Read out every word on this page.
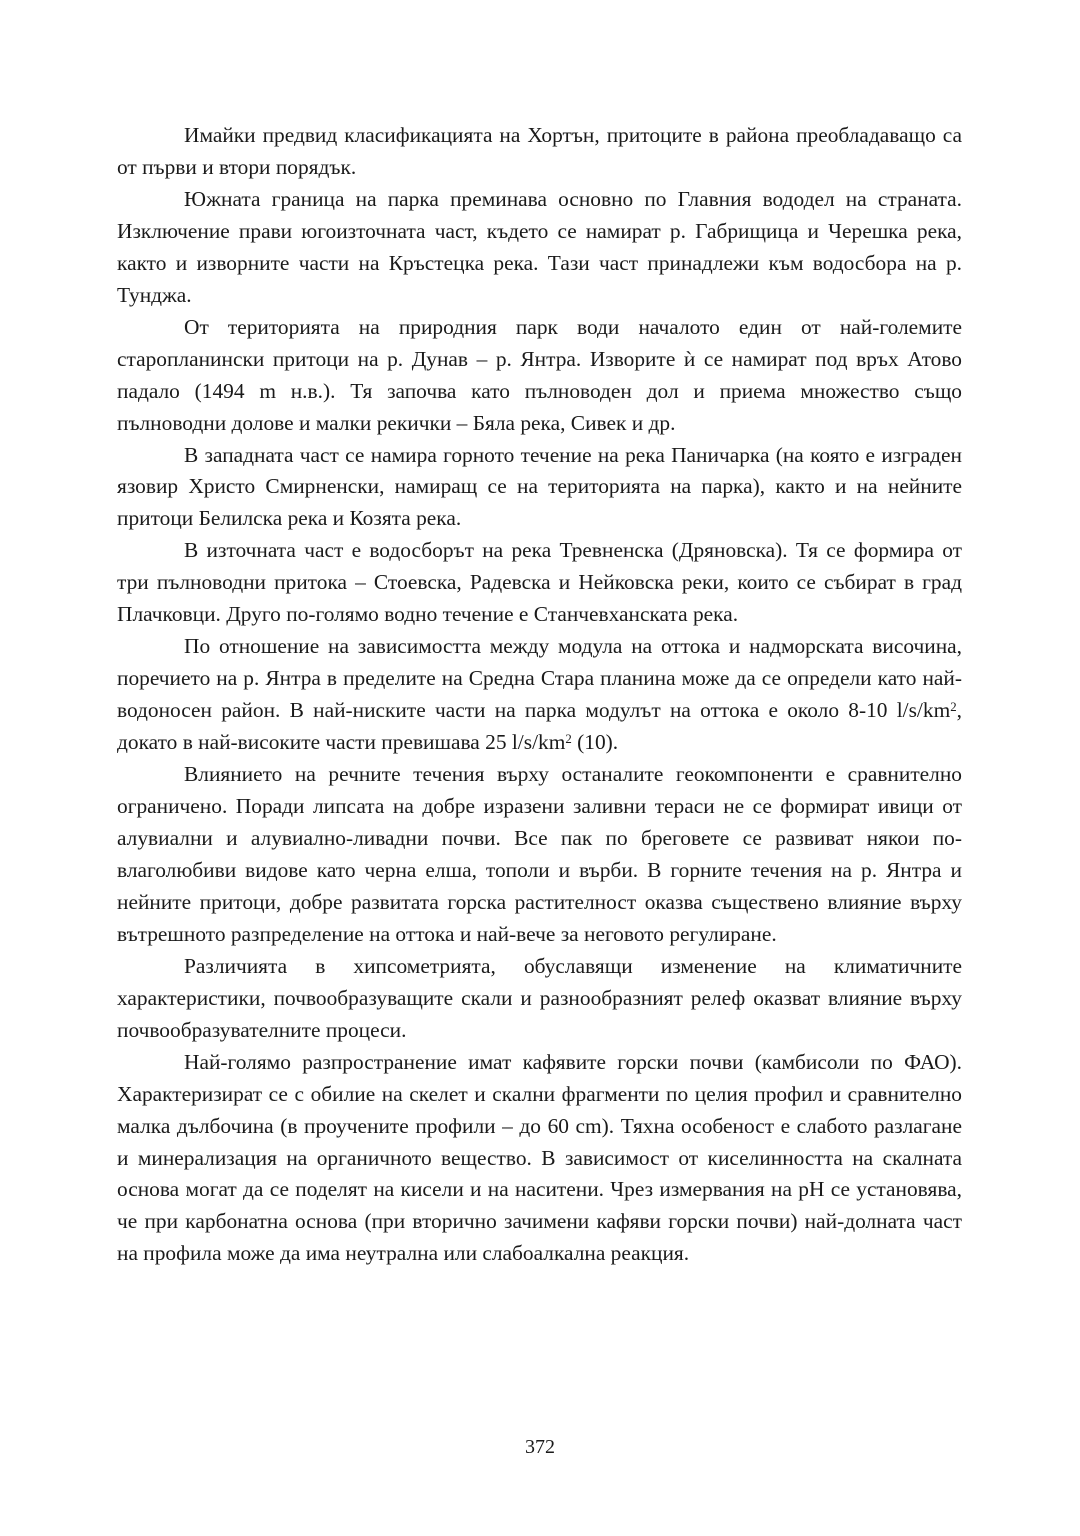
Имайки предвид класификацията на Хортън, притоците в района преобладаващо са от първи и втори порядък.

Южната граница на парка преминава основно по Главния вододел на страната. Изключение прави югоизточната част, където се намират р. Габрищица и Черешка река, както и изворните части на Кръстецка река. Тази част принадлежи към водосбора на р. Тунджа.

От територията на природния парк води началото един от най-големите старопланински притоци на р. Дунав – р. Янтра. Изворите ѝ се намират под връх Атово падало (1494 m н.в.). Тя започва като пълноводен дол и приема множество също пълноводни долове и малки рекички – Бяла река, Сивек и др.

В западната част се намира горното течение на река Паничарка (на която е изграден язовир Христо Смирненски, намиращ се на територията на парка), както и на нейните притоци Белилска река и Козята река.

В източната част е водосборът на река Тревненска (Дряновска). Тя се формира от три пълноводни притока – Стоевска, Радевска и Нейковска реки, които се събират в град Плачковци. Друго по-голямо водно течение е Станчевханската река.

По отношение на зависимостта между модула на оттока и надморската височина, поречието на р. Янтра в пределите на Средна Стара планина може да се определи като най-водоносен район. В най-ниските части на парка модулът на оттока е около 8-10 $l/s/km^2$, докато в най-високите части превишава 25 $l/s/​km^2$ (10).

Влиянието на речните течения върху останалите геокомпоненти е сравнително ограничено. Поради липсата на добре изразени заливни тераси не се формират ивици от алувиални и алувиално-ливадни почви. Все пак по бреговете се развиват някои по-влаголюбиви видове като черна елша, тополи и върби. В горните течения на р. Янтра и нейните притоци, добре развитата горска растителност оказва съществено влияние върху вътрешното разпределение на оттока и най-вече за неговото регулиране.

Различията в хипсометрията, обуславящи изменение на климатичните характеристики, почвообразуващите скали и разнообразният релеф оказват влияние върху почвообразувателните процеси.

Най-голямо разпространение имат кафявите горски почви (камбисоли по ФАО). Характеризират се с обилие на скелет и скални фрагменти по целия профил и сравнително малка дълбочина (в проучените профили – до 60 cm). Тяхна особеност е слабото разлагане и минерализация на органичното вещество. В зависимост от киселинността на скалната основа могат да се поделят на кисели и на наситени. Чрез измервания на pH се установява, че при карбонатна основа (при вторично зачимени кафяви горски почви) най-долната част на профила може да има неутрална или слабоалкална реакция.

372
